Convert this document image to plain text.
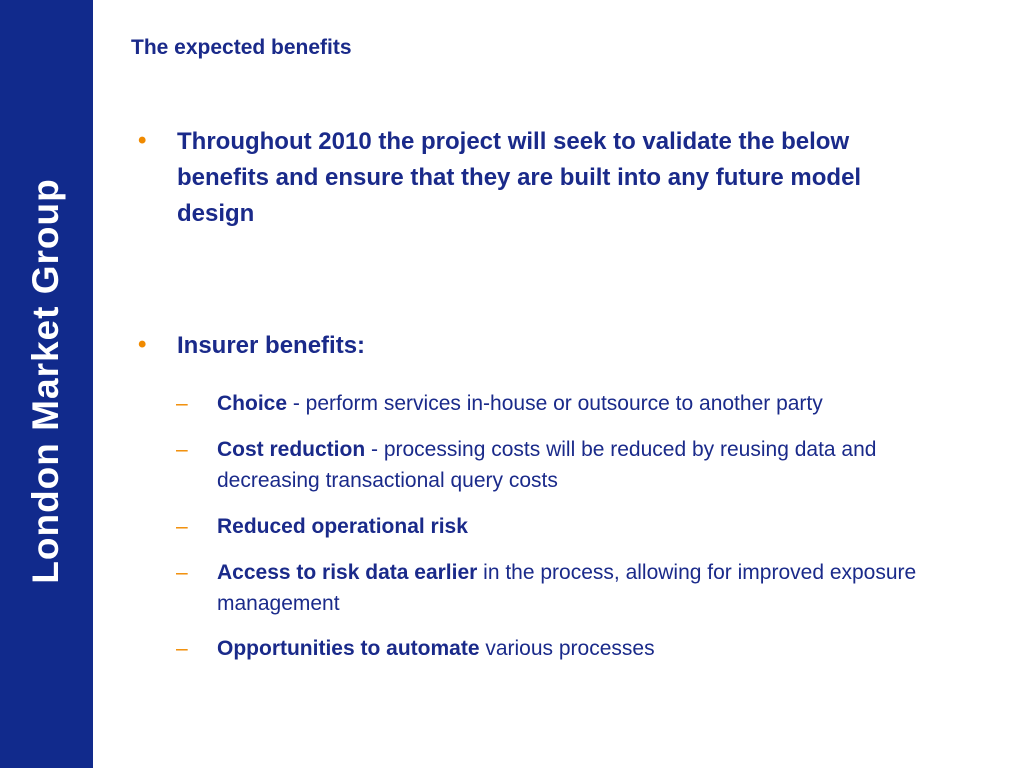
London Market Group
The expected benefits
•	Throughout 2010 the project will seek to validate the below benefits and ensure that they are built into any future model design
•	Insurer benefits:
– Choice - perform services in-house or outsource to another party
– Cost reduction - processing costs will be reduced by reusing data and decreasing transactional query costs
– Reduced operational risk
– Access to risk data earlier in the process, allowing for improved exposure management
– Opportunities to automate various processes
